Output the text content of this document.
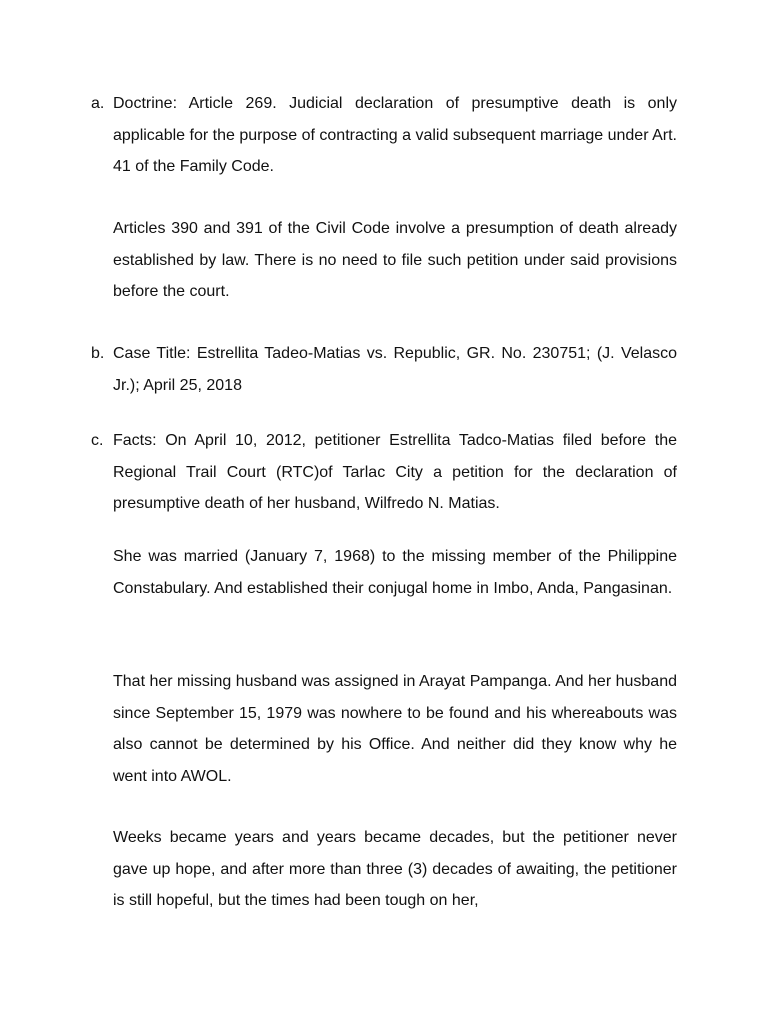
a. Doctrine: Article 269. Judicial declaration of presumptive death is only applicable for the purpose of contracting a valid subsequent marriage under Art. 41 of the Family Code.

Articles 390 and 391 of the Civil Code involve a presumption of death already established by law. There is no need to file such petition under said provisions before the court.

b. Case Title: Estrellita Tadeo-Matias vs. Republic, GR. No. 230751; (J. Velasco Jr.); April 25, 2018

c. Facts: On April 10, 2012, petitioner Estrellita Tadco-Matias filed before the Regional Trail Court (RTC)of Tarlac City a petition for the declaration of presumptive death of her husband, Wilfredo N. Matias.

She was married (January 7, 1968) to the missing member of the Philippine Constabulary. And established their conjugal home in Imbo, Anda, Pangasinan.

That her missing husband was assigned in Arayat Pampanga. And her husband since September 15, 1979 was nowhere to be found and his whereabouts was also cannot be determined by his Office. And neither did they know why he went into AWOL.

Weeks became years and years became decades, but the petitioner never gave up hope, and after more than three (3) decades of awaiting, the petitioner is still hopeful, but the times had been tough on her,
